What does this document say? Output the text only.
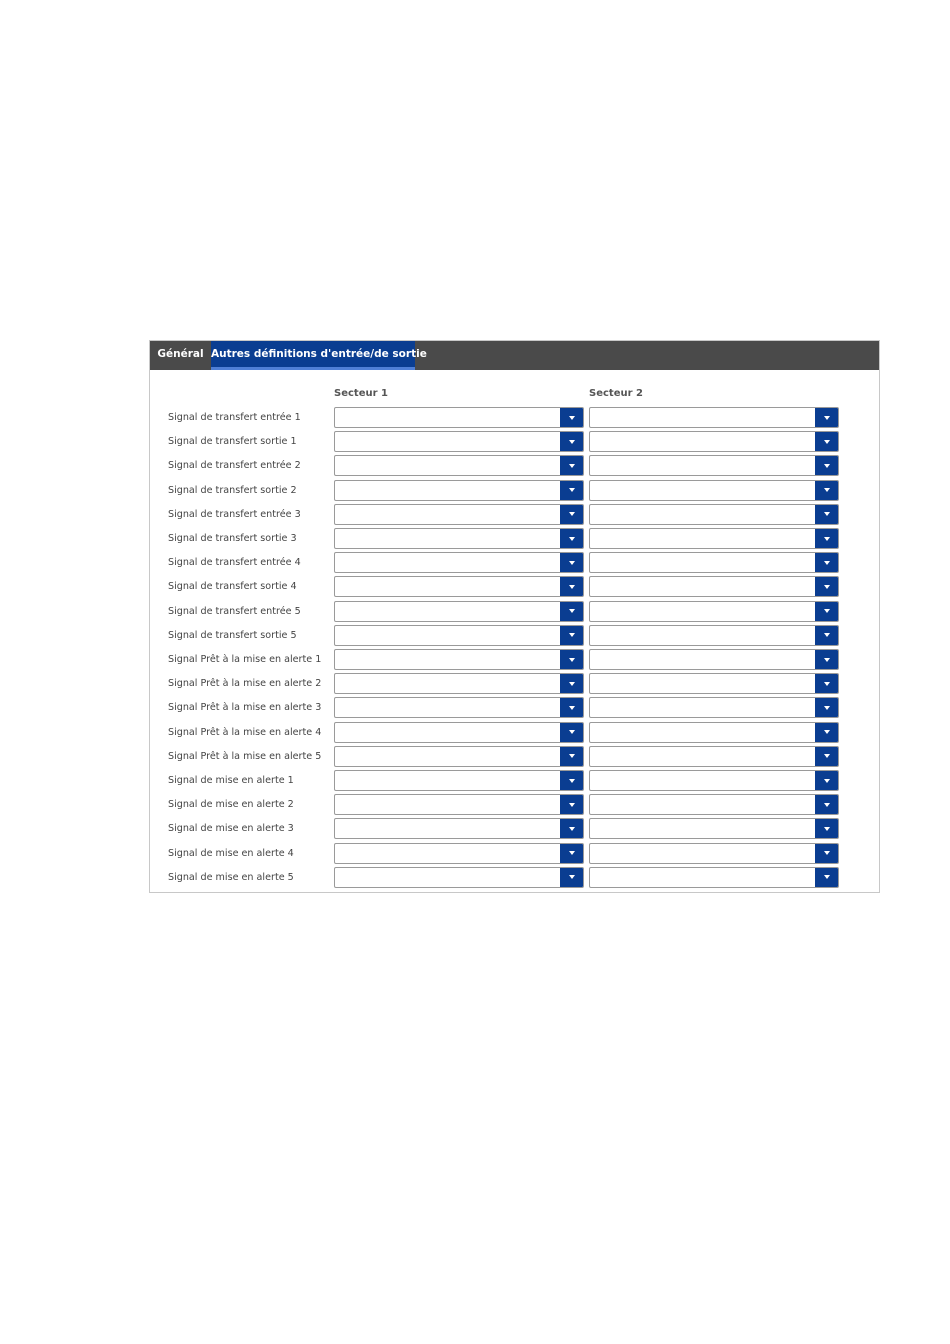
Général Autres définitions d'entrée/de sortie
Secteur 1	Secteur 2
Signal de transfert entrée 1
Signal de transfert sortie 1
Signal de transfert entrée 2
Signal de transfert sortie 2
Signal de transfert entrée 3
Signal de transfert sortie 3
Signal de transfert entrée 4
Signal de transfert sortie 4
Signal de transfert entrée 5
Signal de transfert sortie 5
Signal Prêt à la mise en alerte 1
Signal Prêt à la mise en alerte 2
Signal Prêt à la mise en alerte 3
Signal Prêt à la mise en alerte 4
Signal Prêt à la mise en alerte 5
Signal de mise en alerte 1
Signal de mise en alerte 2
Signal de mise en alerte 3
Signal de mise en alerte 4
Signal de mise en alerte 5
